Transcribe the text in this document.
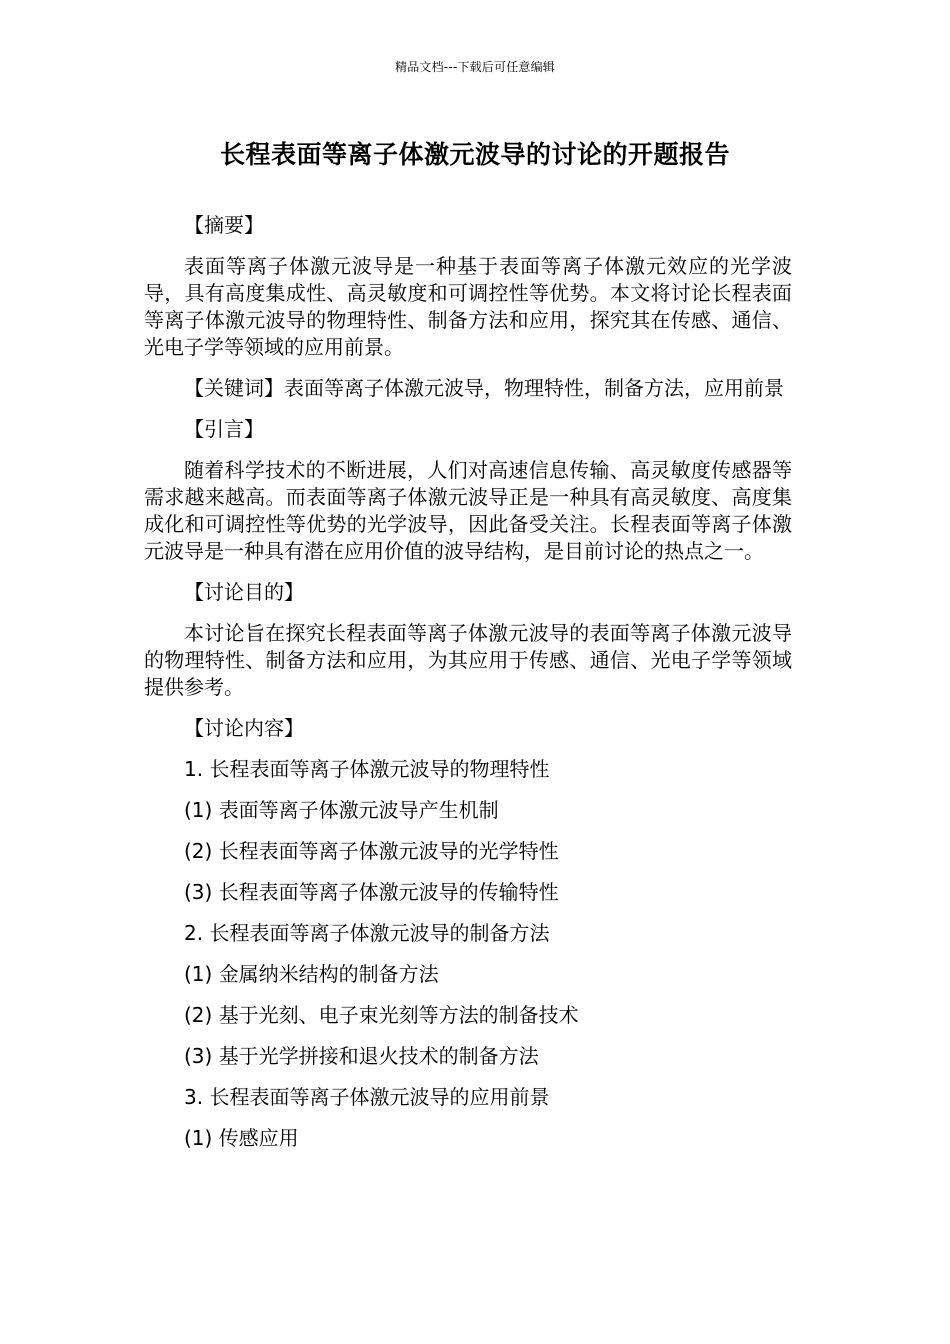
精品文档---下载后可任意编辑
长程表面等离子体激元波导的讨论的开题报告

【摘要】

表面等离子体激元波导是一种基于表面等离子体激元效应的光学波导，具有高度集成性、高灵敏度和可调控性等优势。本文将讨论长程表面等离子体激元波导的物理特性、制备方法和应用，探究其在传感、通信、光电子学等领域的应用前景。

【关键词】表面等离子体激元波导，物理特性，制备方法，应用前景

【引言】

随着科学技术的不断进展，人们对高速信息传输、高灵敏度传感器等需求越来越高。而表面等离子体激元波导正是一种具有高灵敏度、高度集成化和可调控性等优势的光学波导，因此备受关注。长程表面等离子体激元波导是一种具有潜在应用价值的波导结构，是目前讨论的热点之一。

【讨论目的】

本讨论旨在探究长程表面等离子体激元波导的表面等离子体激元波导的物理特性、制备方法和应用，为其应用于传感、通信、光电子学等领域提供参考。

【讨论内容】

1. 长程表面等离子体激元波导的物理特性

(1) 表面等离子体激元波导产生机制

(2) 长程表面等离子体激元波导的光学特性

(3) 长程表面等离子体激元波导的传输特性

2. 长程表面等离子体激元波导的制备方法

(1) 金属纳米结构的制备方法

(2) 基于光刻、电子束光刻等方法的制备技术

(3) 基于光学拼接和退火技术的制备方法

3. 长程表面等离子体激元波导的应用前景

(1) 传感应用
